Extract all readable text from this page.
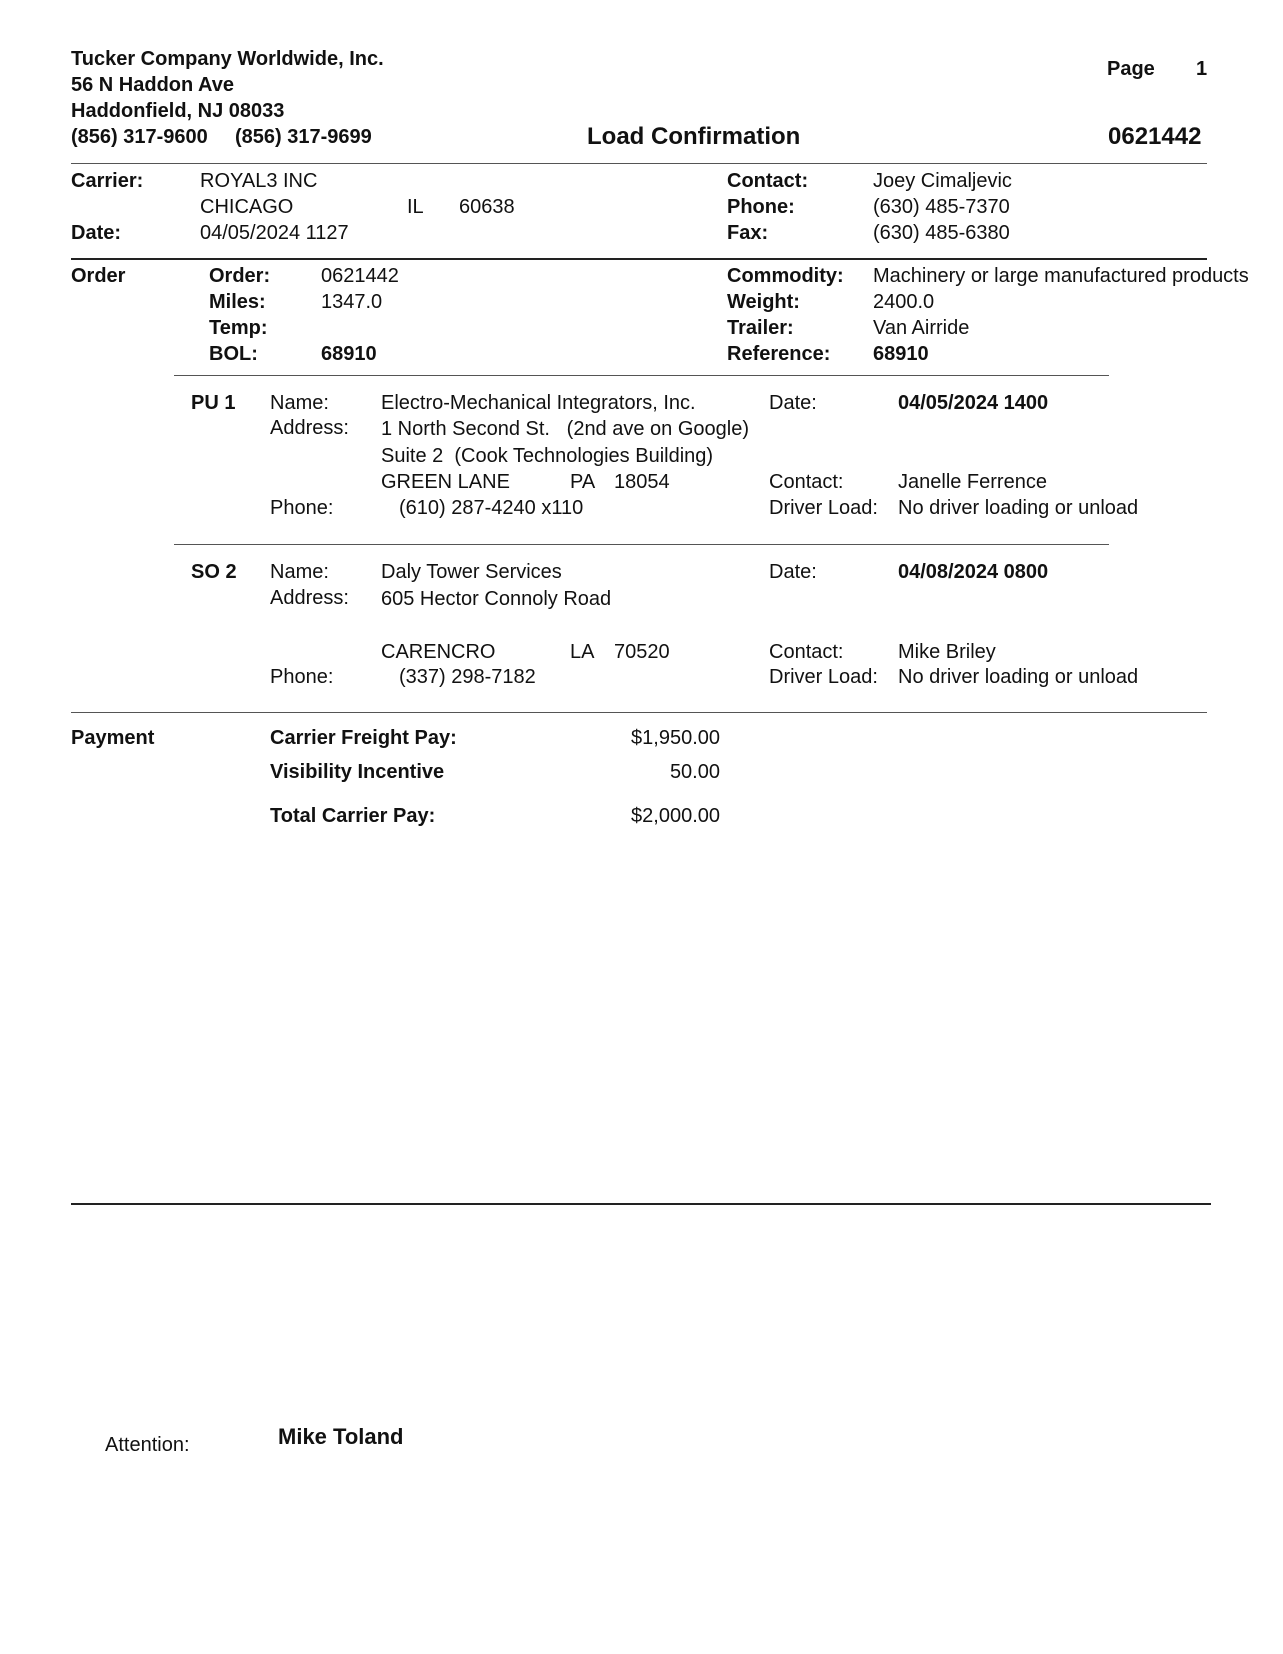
Tucker Company Worldwide, Inc.
56 N Haddon Ave
Haddonfield, NJ 08033
(856) 317-9600 (856) 317-9699
Page 1
Load Confirmation	0621442
Carrier:	ROYAL3 INC
CHICAGO	IL 60638
Date:	04/05/2024 1127
Contact:	Joey Cimaljevic
Phone:	(630) 485-7370
Fax:	(630) 485-6380
Order	Order:	0621442
Miles:	1347.0
Temp:
BOL:	68910
Commodity: Machinery or large manufactured products
Weight:	2400.0
Trailer:	Van Airride
Reference: 68910
PU 1 Name:	Electro-Mechanical Integrators, Inc.
Address: 1 North Second St.   (2nd ave on Google)
Suite 2  (Cook Technologies Building)
GREEN LANE	PA 18054
Phone:	(610) 287-4240 x110
Date:	04/05/2024 1400
Contact:	Janelle Ferrence
Driver Load: No driver loading or unload
SO 2 Name:	Daly Tower Services
Address: 605 Hector Connoly Road
CARENCRO	LA 70520
Phone:	(337) 298-7182
Date:	04/08/2024 0800
Contact:	Mike Briley
Driver Load: No driver loading or unload
Payment	Carrier Freight Pay:	$1,950.00
Visibility Incentive	50.00
Total Carrier Pay:	$2,000.00
Attention:	Mike Toland
